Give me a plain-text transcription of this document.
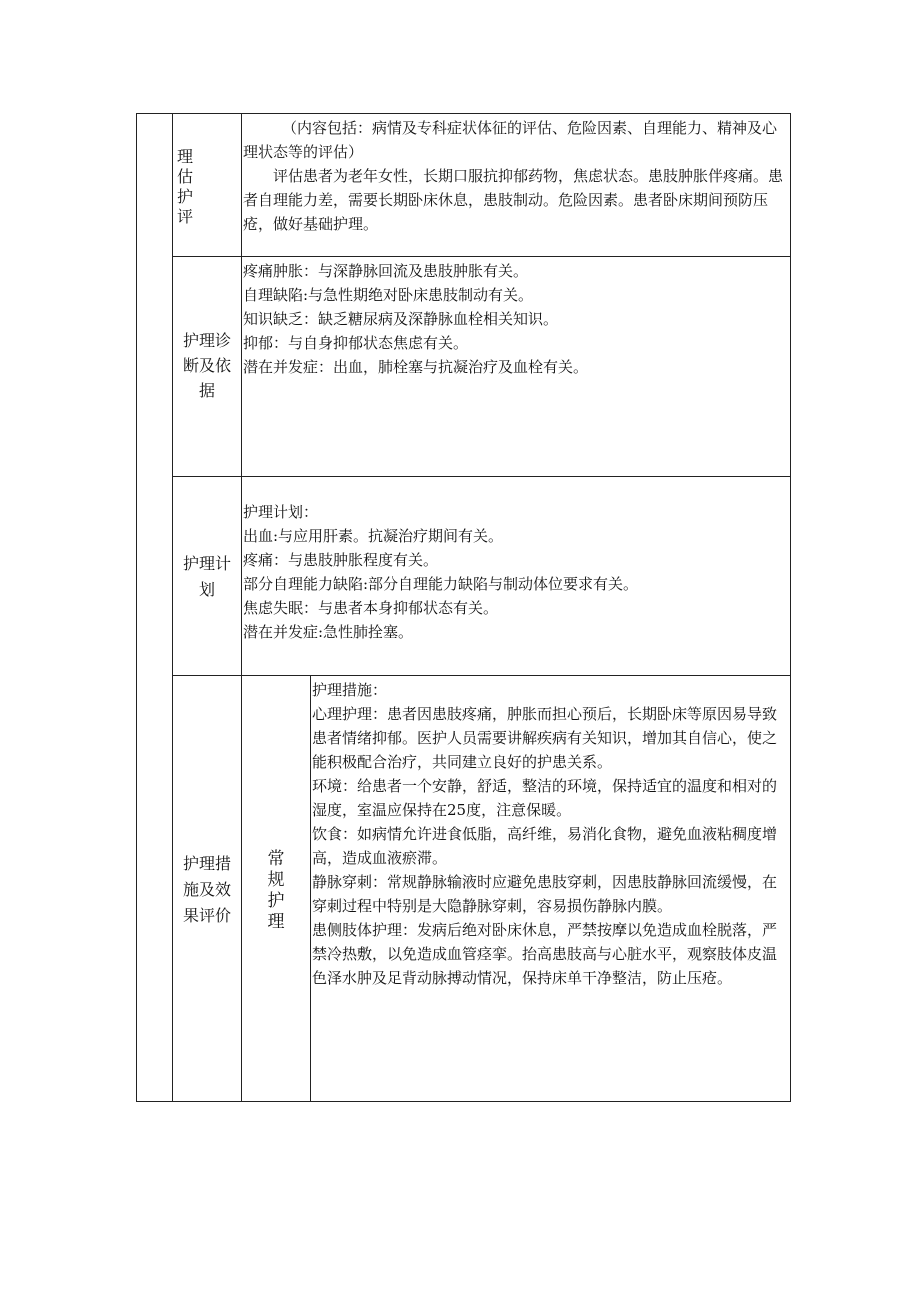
理
估
护
评

（内容包括：病情及专科症状体征的评估、危险因素、自理能力、精神及心理状态等的评估）

评估患者为老年女性，长期口服抗抑郁药物，焦虑状态。患肢肿胀伴疼痛。患者自理能力差，需要长期卧床休息，患肢制动。危险因素。患者卧床期间预防压疮，做好基础护理。

护理诊
断及依
据

疼痛肿胀：与深静脉回流及患肢肿胀有关。

自理缺陷:与急性期绝对卧床患肢制动有关。

知识缺乏：缺乏糖尿病及深静脉血栓相关知识。

抑郁：与自身抑郁状态焦虑有关。

潜在并发症：出血，肺栓塞与抗凝治疗及血栓有关。

护理计
划

护理计划：

出血:与应用肝素。抗凝治疗期间有关。

疼痛：与患肢肿胀程度有关。

部分自理能力缺陷:部分自理能力缺陷与制动体位要求有关。

焦虑失眠：与患者本身抑郁状态有关。

潜在并发症:急性肺拴塞。

护理措
施及效
果评价
常
规
护
理

护理措施：

心理护理：患者因患肢疼痛，肿胀而担心预后，长期卧床等原因易导致患者情绪抑郁。医护人员需要讲解疾病有关知识，增加其自信心，使之能积极配合治疗，共同建立良好的护患关系。

环境：给患者一个安静，舒适，整洁的环境，保持适宜的温度和相对的湿度，室温应保持在25度，注意保暖。

饮食：如病情允许进食低脂，高纤维，易消化食物，避免血液粘稠度增高，造成血液瘀滞。

静脉穿刺：常规静脉输液时应避免患肢穿刺，因患肢静脉回流缓慢，在穿刺过程中特别是大隐静脉穿刺，容易损伤静脉内膜。

患侧肢体护理：发病后绝对卧床休息，严禁按摩以免造成血栓脱落，严禁冷热敷，以免造成血管痉挛。抬高患肢高与心脏水平，观察肢体皮温色泽水肿及足背动脉搏动情况，保持床单干净整洁，防止压疮。
